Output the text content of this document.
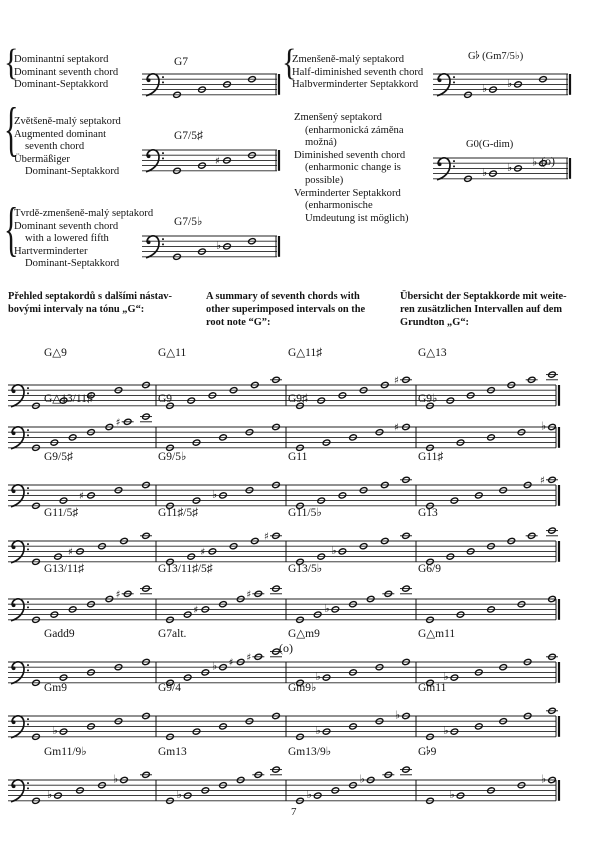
{
Dominantní septakord
Dominant seventh chord
Dominant-Septakkord
G7
{
Zvětšeně-malý septakord
Augmented dominant
seventh chord
Übermäßiger
Dominant-Septakkord
G7/5♯
{
Tvrdě-zmenšeně-malý septakord
Dominant seventh chord
with a lowered fifth
Hartverminderter
Dominant-Septakkord
G7/5♭
{
Zmenšeně-malý septakord
Half-diminished seventh chord
Halbverminderter Septakkord
G𝄬 (Gm7/5♭)
Zmenšený septakord
(enharmonická záměna
možná)
Diminished seventh chord
(enharmonic change is
possible)
Verminderter Septakkord
(enharmonische
Umdeutung ist möglich)
G0(G-dim)
(o)
♯
♭
♭ ♭
♭ ♭ ♭
♯
♯	♯	♭
♯	♭
♯
♯	♯
♯
♭
♯
♯
♯
♭
♭ ♯ ♯
♭	♭
♭	♭
♭
♭
♭
♭
♭	♭
♭
♭
♭
Přehled septakordů s dalšími nástav-
bovými intervaly na tónu „G“:
A summary of seventh chords with
other superimposed intervals on the
root note “G”:
Übersicht der Septakkorde mit weite-
ren zusätzlichen Intervallen auf dem
Grundton „G“:
G△9	G△11	G△11♯	G△13
G△13/11♯	G9	G9♯	G9♭
G9/5♯	G9/5♭	G11	G11♯
G11/5♯	G11♯/5♯	G11/5♭	G13
G13/11♯	G13/11♯/5♯	G13/5♭	G6/9
Gadd9	G7alt.	G△m9	G△m11
Gm9	G9/4	Gm9♭	Gm11
Gm11/9♭	Gm13	Gm13/9♭	G𝄬9
(o)
7
